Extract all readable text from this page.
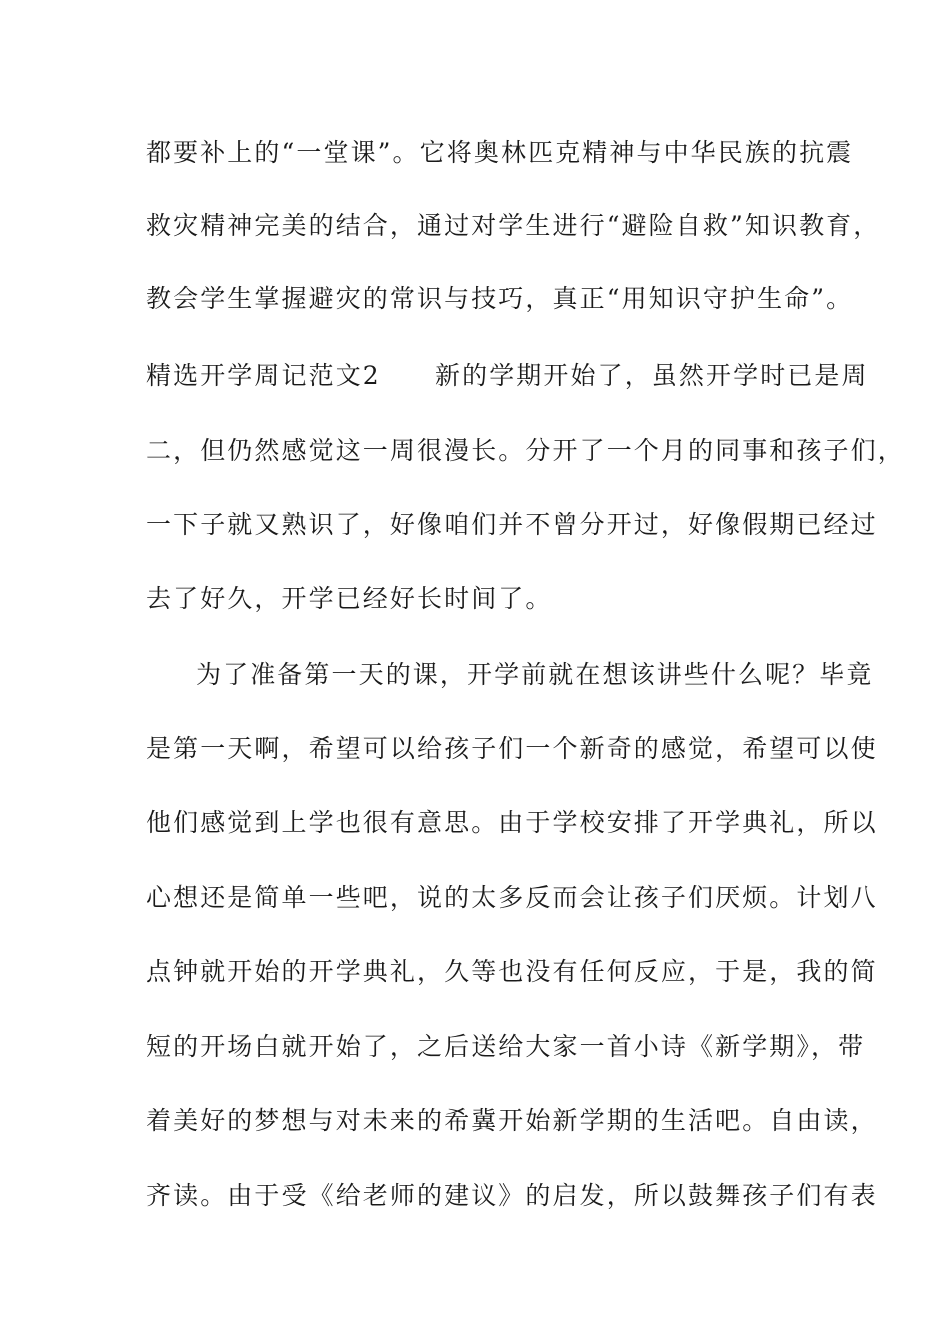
都要补上的“一堂课”。它将奥林匹克精神与中华民族的抗震
救灾精神完美的结合，通过对学生进行“避险自救”知识教育，
教会学生掌握避灾的常识与技巧，真正“用知识守护生命”。
精选开学周记范文2　　新的学期开始了，虽然开学时已是周
二，但仍然感觉这一周很漫长。分开了一个月的同事和孩子们，
一下子就又熟识了，好像咱们并不曾分开过，好像假期已经过
去了好久，开学已经好长时间了。
为了准备第一天的课，开学前就在想该讲些什么呢？毕竟
是第一天啊，希望可以给孩子们一个新奇的感觉，希望可以使
他们感觉到上学也很有意思。由于学校安排了开学典礼，所以
心想还是简单一些吧，说的太多反而会让孩子们厌烦。计划八
点钟就开始的开学典礼，久等也没有任何反应，于是，我的简
短的开场白就开始了，之后送给大家一首小诗《新学期》，带
着美好的梦想与对未来的希冀开始新学期的生活吧。自由读，
齐读。由于受《给老师的建议》的启发，所以鼓舞孩子们有表
